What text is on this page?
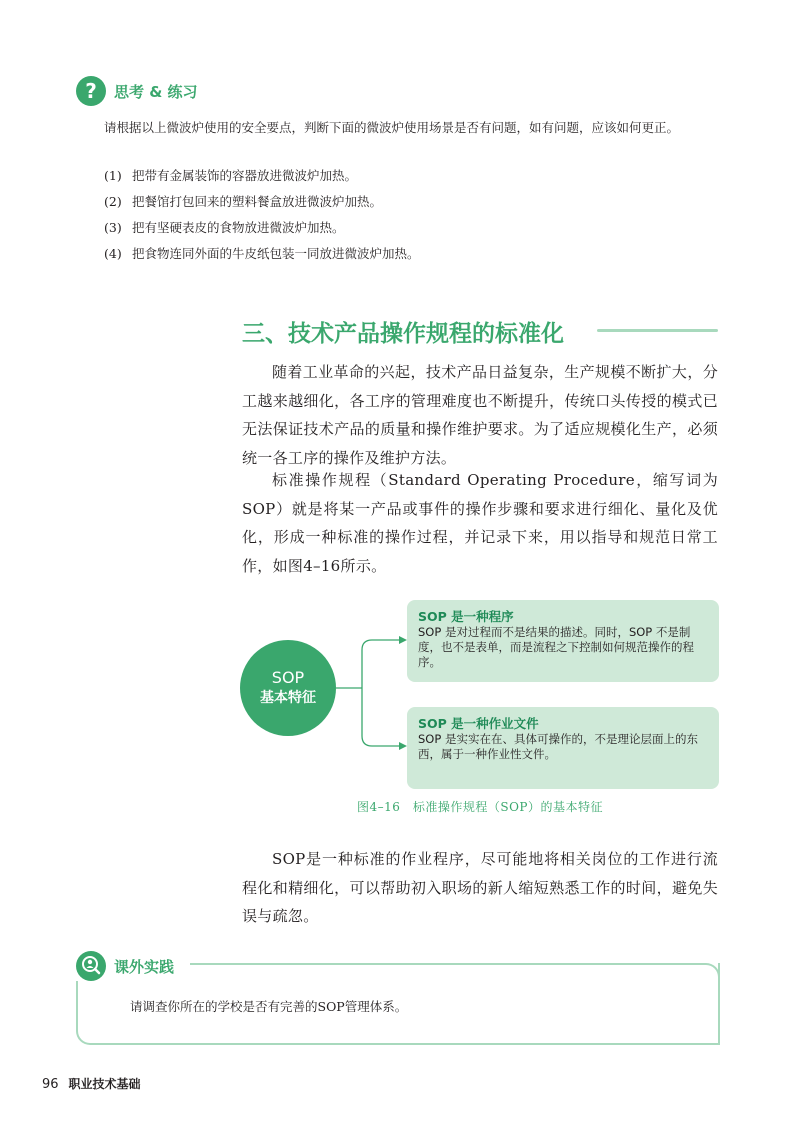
?	思考 & 练习

请根据以上微波炉使用的安全要点，判断下面的微波炉使用场景是否有问题，如有问题，应该如何更正。

(1) 把带有金属装饰的容器放进微波炉加热。
(2) 把餐馆打包回来的塑料餐盒放进微波炉加热。
(3) 把有坚硬表皮的食物放进微波炉加热。
(4) 把食物连同外面的牛皮纸包装一同放进微波炉加热。
三、技术产品操作规程的标准化

随着工业革命的兴起，技术产品日益复杂，生产规模不断扩大，分工越来越细化，各工序的管理难度也不断提升，传统口头传授的模式已无法保证技术产品的质量和操作维护要求。为了适应规模化生产，必须统一各工序的操作及维护方法。

标准操作规程（Standard Operating Procedure，缩写词为SOP）就是将某一产品或事件的操作步骤和要求进行细化、量化及优化，形成一种标准的操作过程，并记录下来，用以指导和规范日常工作，如图4–16所示。

SOP
基本特征
SOP 是一种程序
SOP 是对过程而不是结果的描述。同时，SOP 不是制度，也不是表单，而是流程之下控制如何规范操作的程序。
SOP 是一种作业文件
SOP 是实实在在、具体可操作的，不是理论层面上的东西，属于一种作业性文件。
图4–16　标准操作规程（SOP）的基本特征

SOP是一种标准的作业程序，尽可能地将相关岗位的工作进行流程化和精细化，可以帮助初入职场的新人缩短熟悉工作的时间，避免失误与疏忽。

课外实践
请调查你所在的学校是否有完善的SOP管理体系。
96 职业技术基础
